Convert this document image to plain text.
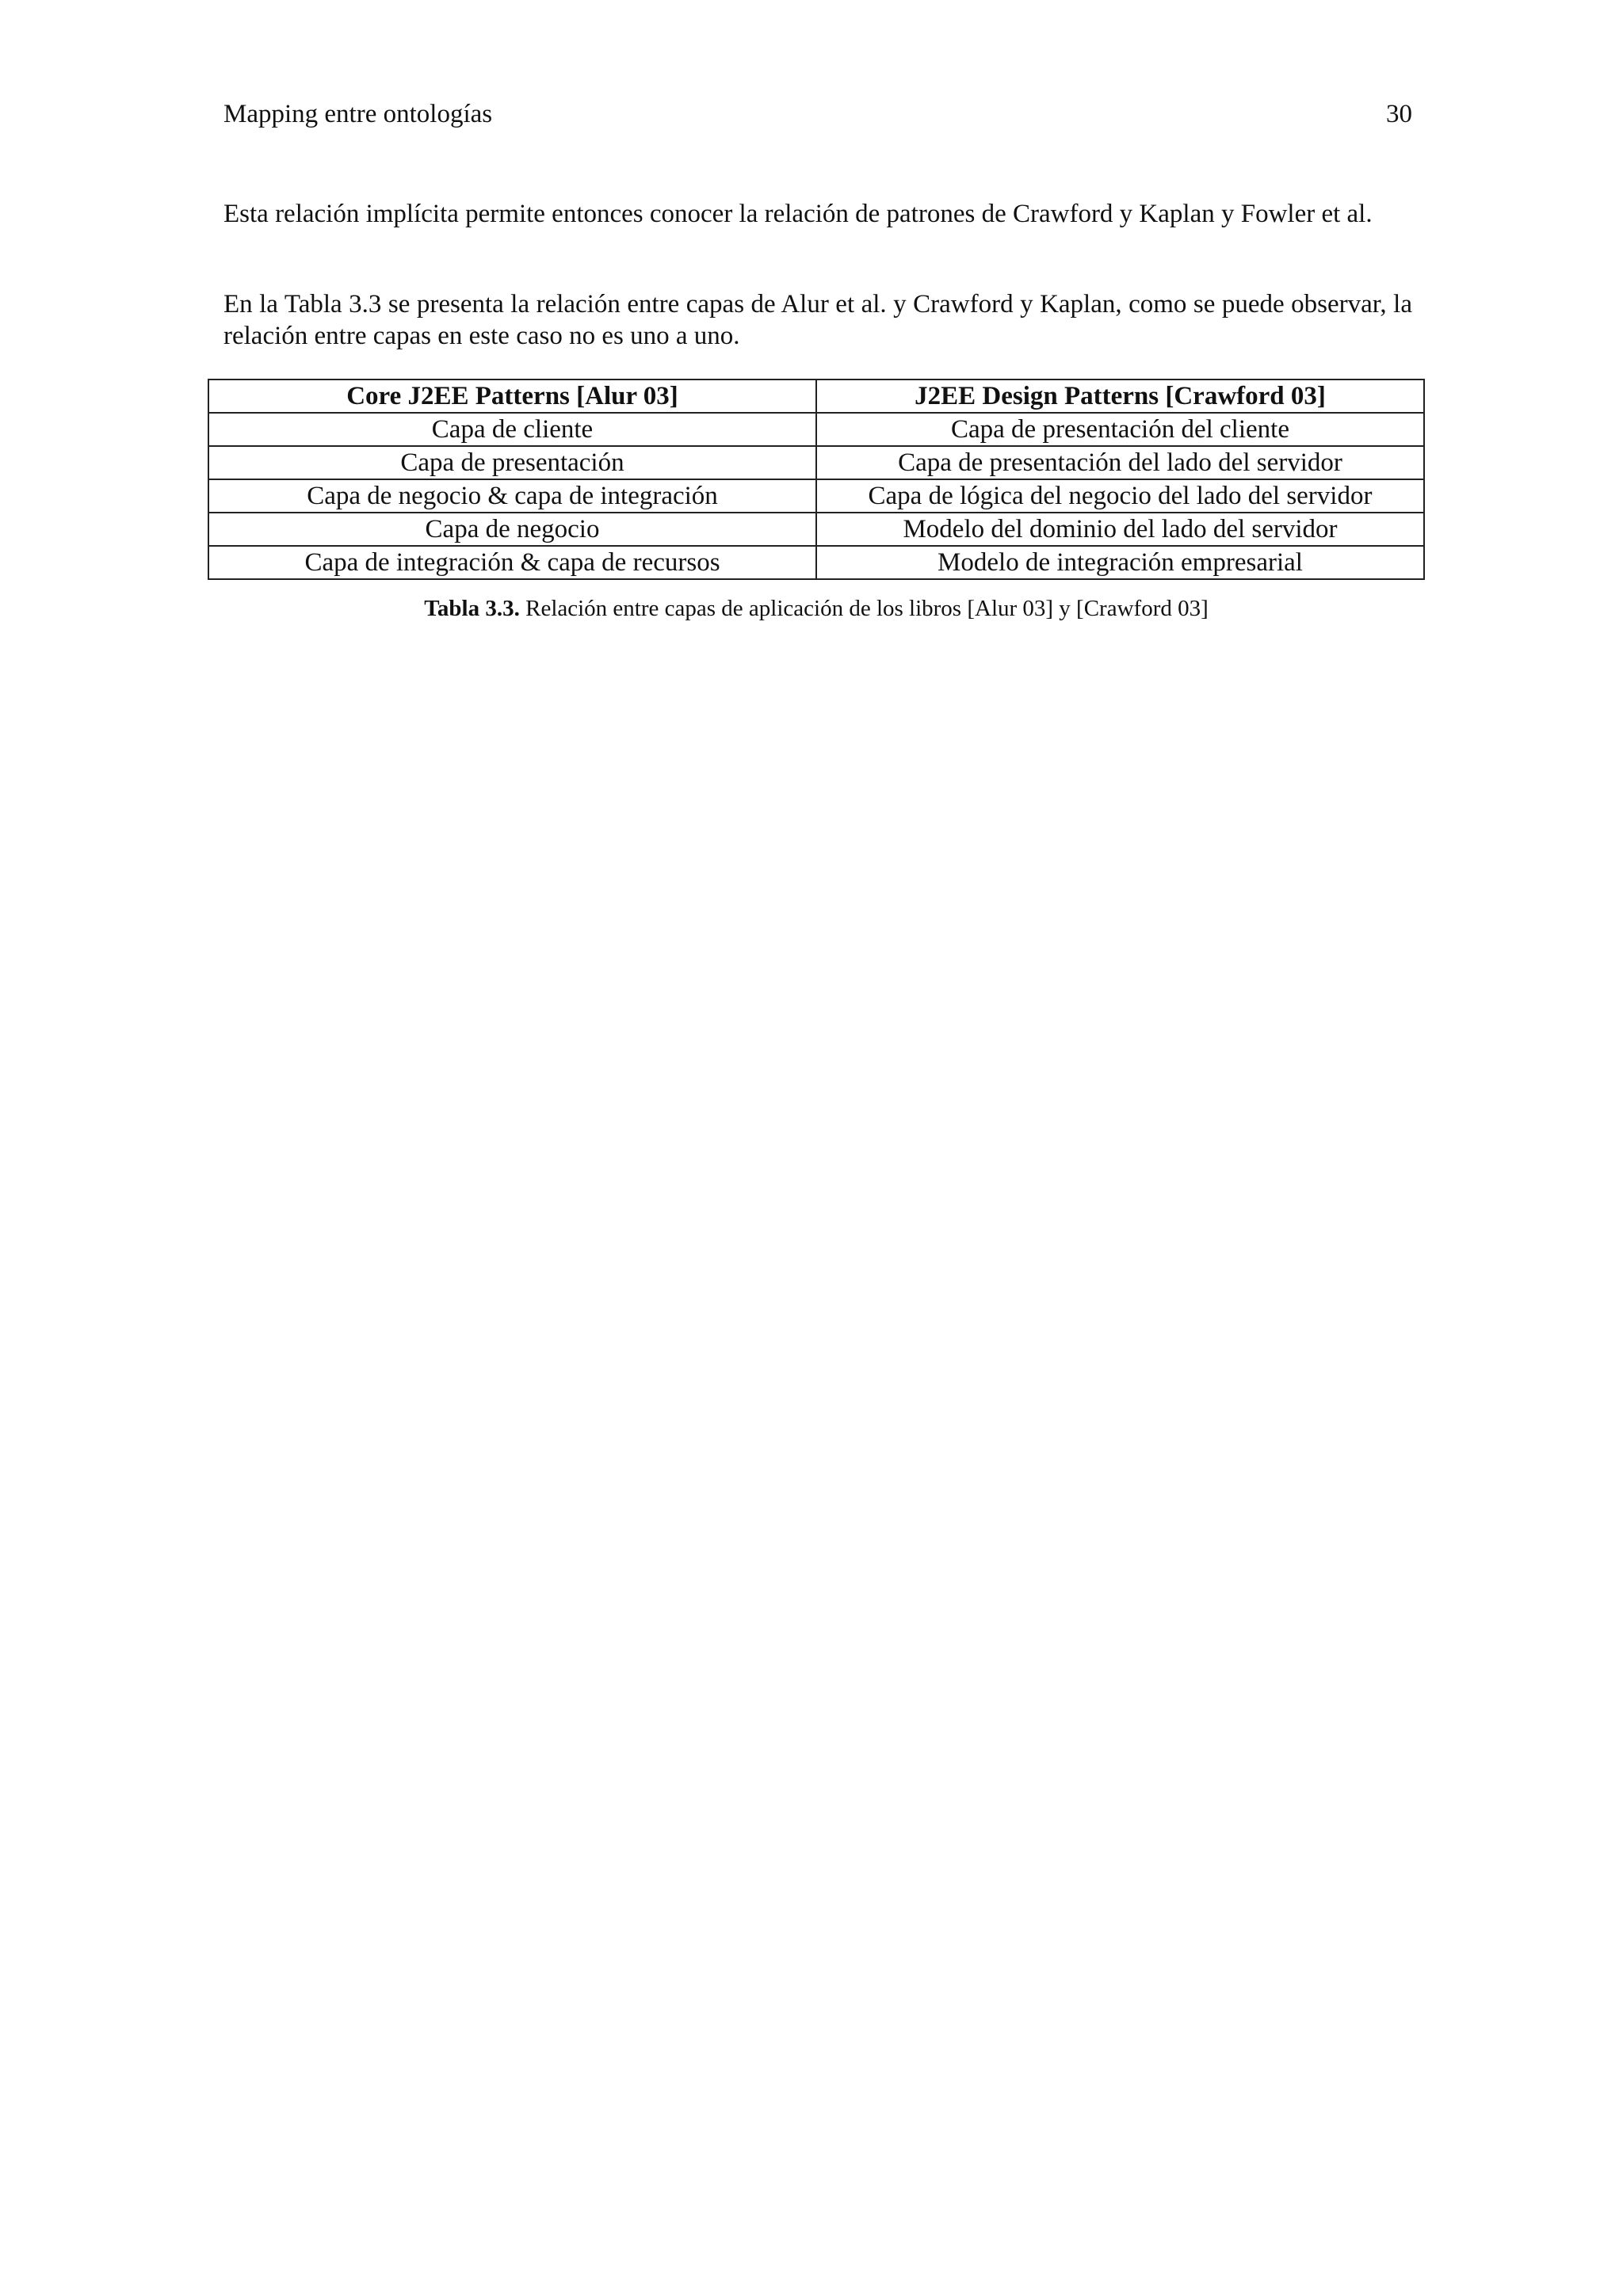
Mapping entre ontologías	30

Esta relación implícita permite entonces conocer la relación de patrones de Crawford y Kaplan y Fowler et al.

En la Tabla 3.3 se presenta la relación entre capas de Alur et al. y Crawford y Kaplan, como se puede observar, la relación entre capas en este caso no es uno a uno.

Core J2EE Patterns [Alur 03]	J2EE Design Patterns [Crawford 03]
Capa de cliente	Capa de presentación del cliente
Capa de presentación	Capa de presentación del lado del servidor
Capa de negocio & capa de integración	Capa de lógica del negocio del lado del servidor
Capa de negocio	Modelo del dominio del lado del servidor
Capa de integración & capa de recursos	Modelo de integración empresarial
Tabla 3.3. Relación entre capas de aplicación de los libros [Alur 03] y [Crawford 03]
